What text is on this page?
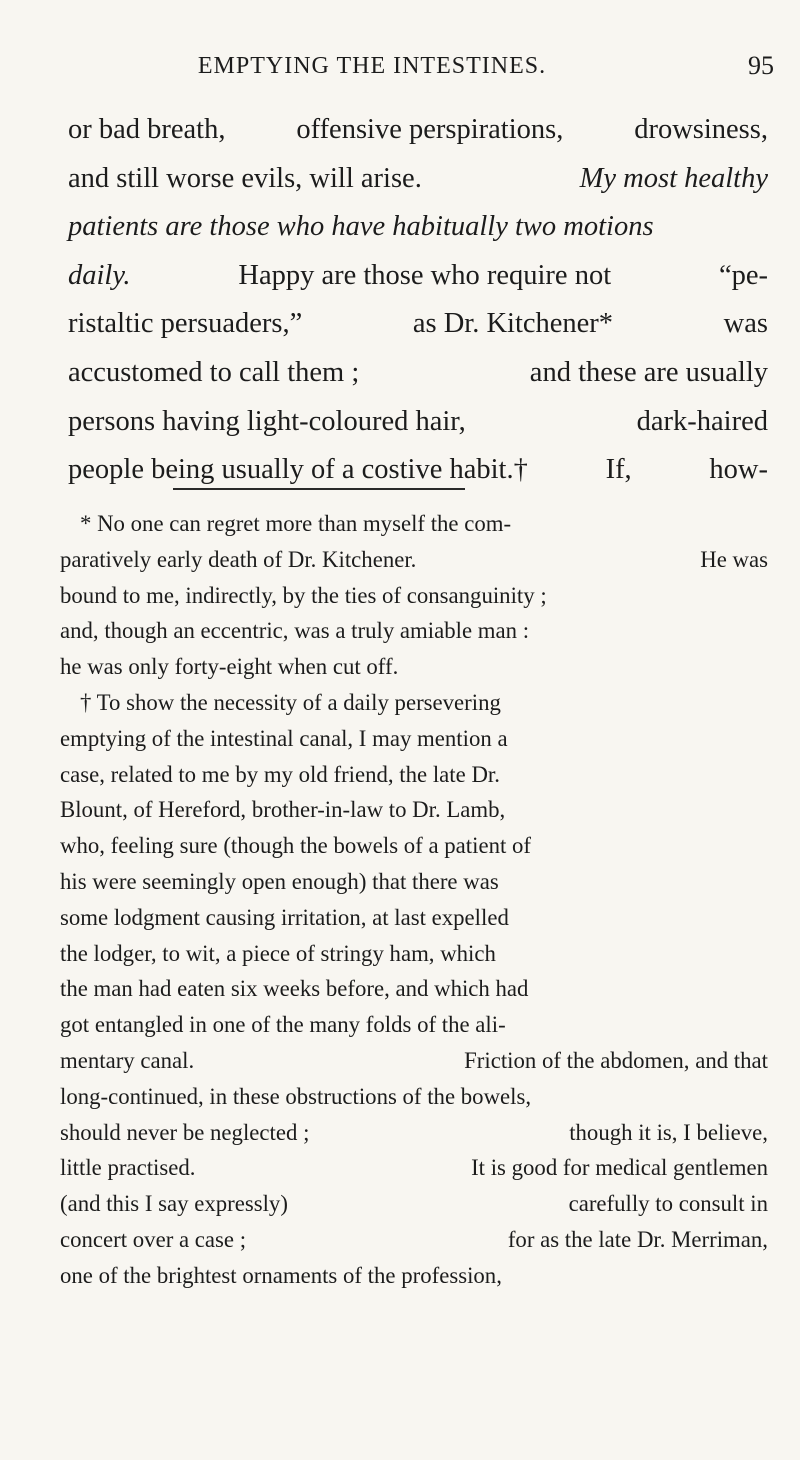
EMPTYING THE INTESTINES.	95
or bad breath, offensive perspirations, drowsiness,
and still worse evils, will arise.	My most healthy
patients are those who have habitually two motions
daily.	Happy are those who require not	“pe-
ristaltic persuaders,”	as Dr. Kitchener*	was
accustomed to call them ;	and these are usually
persons having light-coloured hair,	dark-haired
people being usually of a costive habit.†	If,	how-
* No one can regret more than myself the com-
paratively early death of Dr. Kitchener.	He was
bound to me, indirectly, by the ties of consanguinity ;
and, though an eccentric, was a truly amiable man :
he was only forty-eight when cut off.
† To show the necessity of a daily persevering
emptying of the intestinal canal, I may mention a
case, related to me by my old friend, the late Dr.
Blount, of Hereford, brother-in-law to Dr. Lamb,
who, feeling sure (though the bowels of a patient of
his were seemingly open enough) that there was
some lodgment causing irritation, at last expelled
the lodger, to wit, a piece of stringy ham, which
the man had eaten six weeks before, and which had
got entangled in one of the many folds of the ali-
mentary canal.	Friction of the abdomen, and that
long-continued, in these obstructions of the bowels,
should never be neglected ;	though it is, I believe,
little practised.	It is good for medical gentlemen
(and this I say expressly)	carefully to consult in
concert over a case ;	for as the late Dr. Merriman,
one of the brightest ornaments of the profession,
